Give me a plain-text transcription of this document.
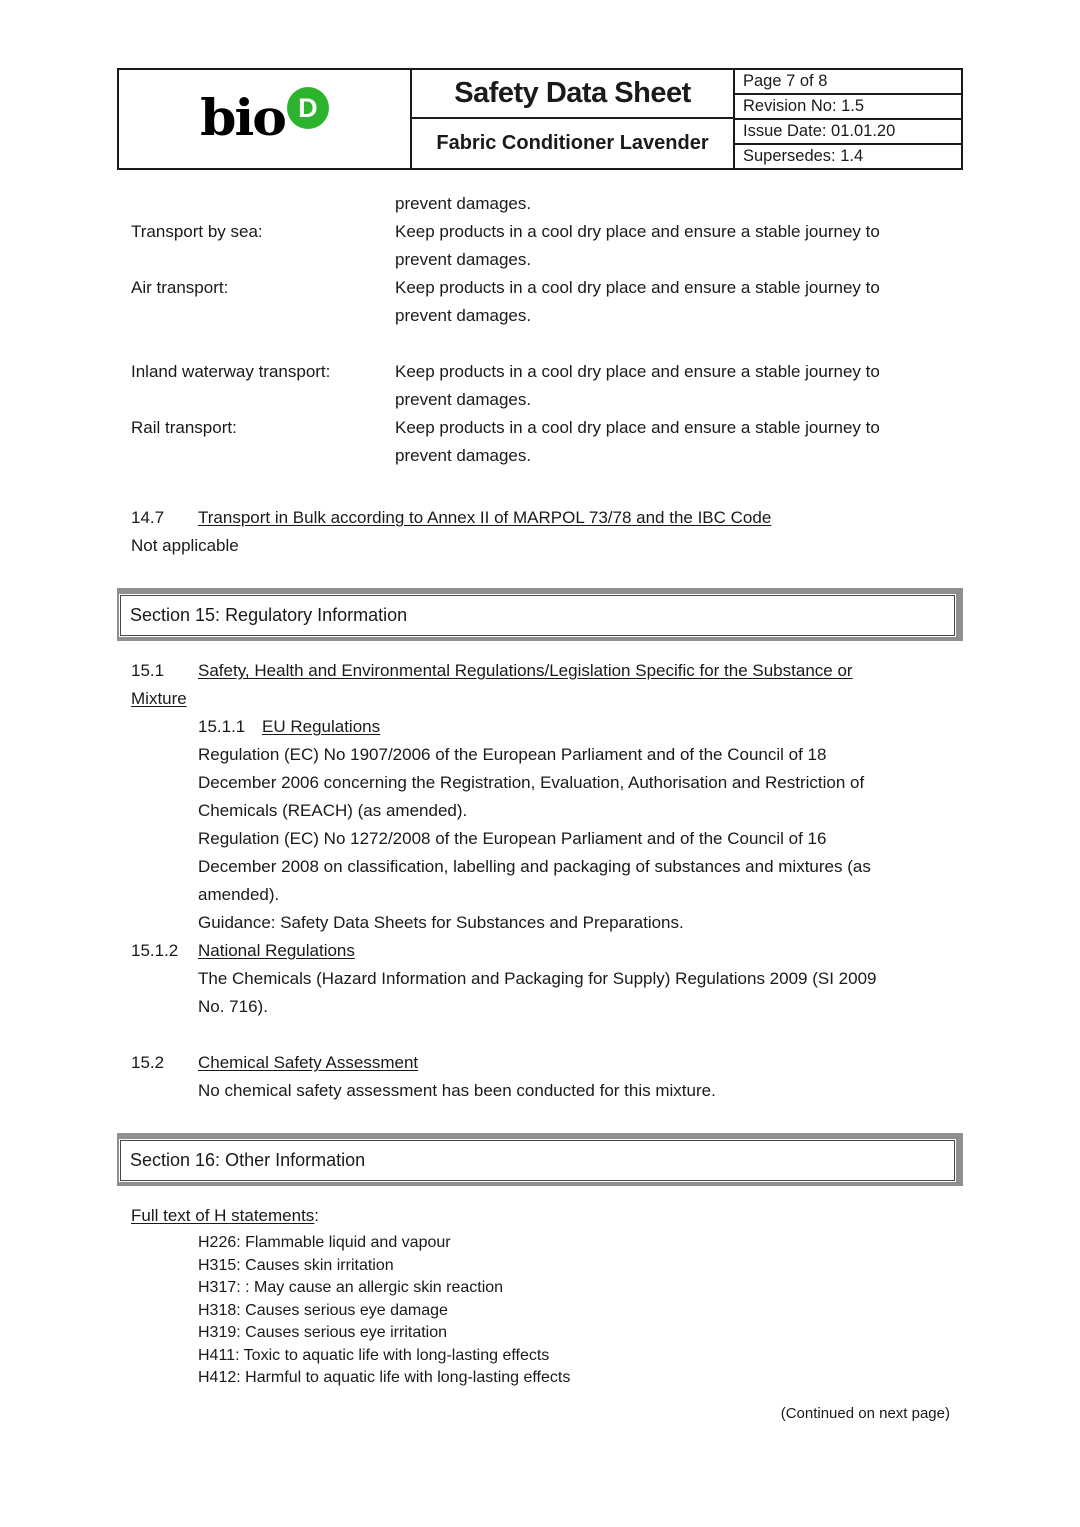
bio D	Safety Data Sheet
Fabric Conditioner Lavender
Page 7 of 8
Revision No: 1.5
Issue Date: 01.01.20
Supersedes: 1.4
prevent damages.
Transport by sea:	Keep products in a cool dry place and ensure a stable journey to
prevent damages.
Air transport:	Keep products in a cool dry place and ensure a stable journey to
prevent damages.
Inland waterway transport:	Keep products in a cool dry place and ensure a stable journey to
prevent damages.
Rail transport:	Keep products in a cool dry place and ensure a stable journey to
prevent damages.
14.7 Transport in Bulk according to Annex II of MARPOL 73/78 and the IBC Code
Not applicable
Section 15: Regulatory Information
15.1 Safety, Health and Environmental Regulations/Legislation Specific for the Substance or
Mixture
15.1.1 EU Regulations
Regulation (EC) No 1907/2006 of the European Parliament and of the Council of 18
December 2006 concerning the Registration, Evaluation, Authorisation and Restriction of
Chemicals (REACH) (as amended).
Regulation (EC) No 1272/2008 of the European Parliament and of the Council of 16
December 2008 on classification, labelling and packaging of substances and mixtures (as
amended).
Guidance: Safety Data Sheets for Substances and Preparations.
15.1.2 National Regulations
The Chemicals (Hazard Information and Packaging for Supply) Regulations 2009 (SI 2009
No. 716).
15.2 Chemical Safety Assessment
No chemical safety assessment has been conducted for this mixture.
Section 16: Other Information
Full text of H statements:
H226: Flammable liquid and vapour
H315: Causes skin irritation
H317: : May cause an allergic skin reaction
H318: Causes serious eye damage
H319: Causes serious eye irritation
H411: Toxic to aquatic life with long-lasting effects
H412: Harmful to aquatic life with long-lasting effects
(Continued on next page)
